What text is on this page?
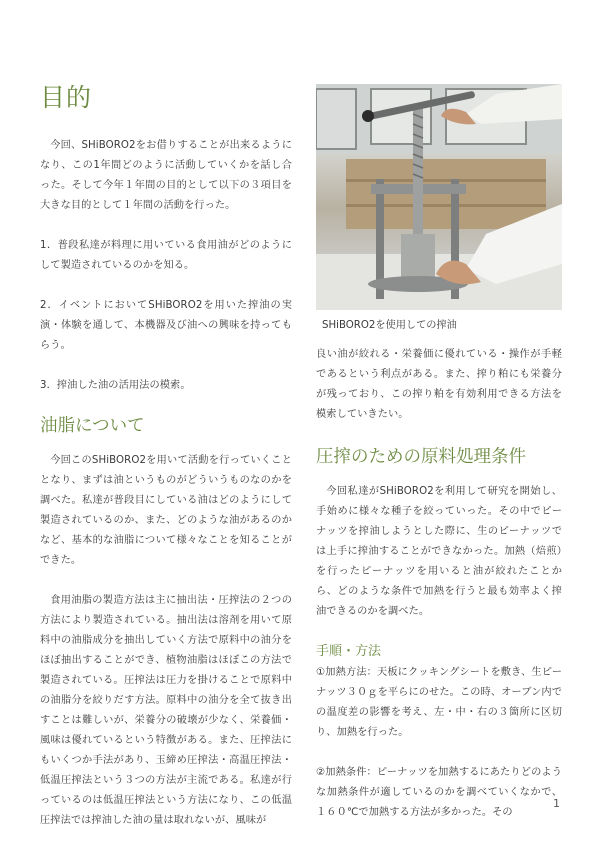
目的

今回、SHiBORO2をお借りすることが出来るようになり、この1年間どのように活動していくかを話し合った。そして今年１年間の目的として以下の３項目を大きな目的として１年間の活動を行った。

1．普段私達が料理に用いている食用油がどのようにして製造されているのかを知る。

2．イベントにおいてSHiBORO2を用いた搾油の実演・体験を通して、本機器及び油への興味を持ってもらう。

3．搾油した油の活用法の模索。

油脂について

今回このSHiBORO2を用いて活動を行っていくこととなり、まずは油というものがどういうものなのかを調べた。私達が普段目にしている油はどのようにして製造されているのか、また、どのような油があるのかなど、基本的な油脂について様々なことを知ることができた。

食用油脂の製造方法は主に抽出法・圧搾法の２つの方法により製造されている。抽出法は溶剤を用いて原料中の油脂成分を抽出していく方法で原料中の油分をほぼ抽出することができ、植物油脂はほぼこの方法で製造されている。圧搾法は圧力を掛けることで原料中の油脂分を絞りだす方法。原料中の油分を全て抜き出すことは難しいが、栄養分の破壊が少なく、栄養価・風味は優れているという特徴がある。また、圧搾法にもいくつか手法があり、玉締め圧搾法・高温圧搾法・低温圧搾法という３つの方法が主流である。私達が行っているのは低温圧搾法という方法になり、この低温圧搾法では搾油した油の量は取れないが、風味が

SHiBORO2を使用しての搾油

良い油が絞れる・栄養価に優れている・操作が手軽であるという利点がある。また、搾り粕にも栄養分が残っており、この搾り粕を有効利用できる方法を模索していきたい。

圧搾のための原料処理条件

今回私達がSHiBORO2を利用して研究を開始し、手始めに様々な種子を絞っていった。その中でピーナッツを搾油しようとした際に、生のピーナッツでは上手に搾油することができなかった。加熱（焙煎）を行ったピーナッツを用いると油が絞れたことから、どのような条件で加熱を行うと最も効率よく搾油できるのかを調べた。

手順・方法

①加熱方法：天板にクッキングシートを敷き、生ピーナッツ３０ｇを平らにのせた。この時、オーブン内での温度差の影響を考え、左・中・右の３箇所に区切り、加熱を行った。

②加熱条件：ピーナッツを加熱するにあたりどのような加熱条件が適しているのかを調べていくなかで、１６０℃で加熱する方法が多かった。その

1
